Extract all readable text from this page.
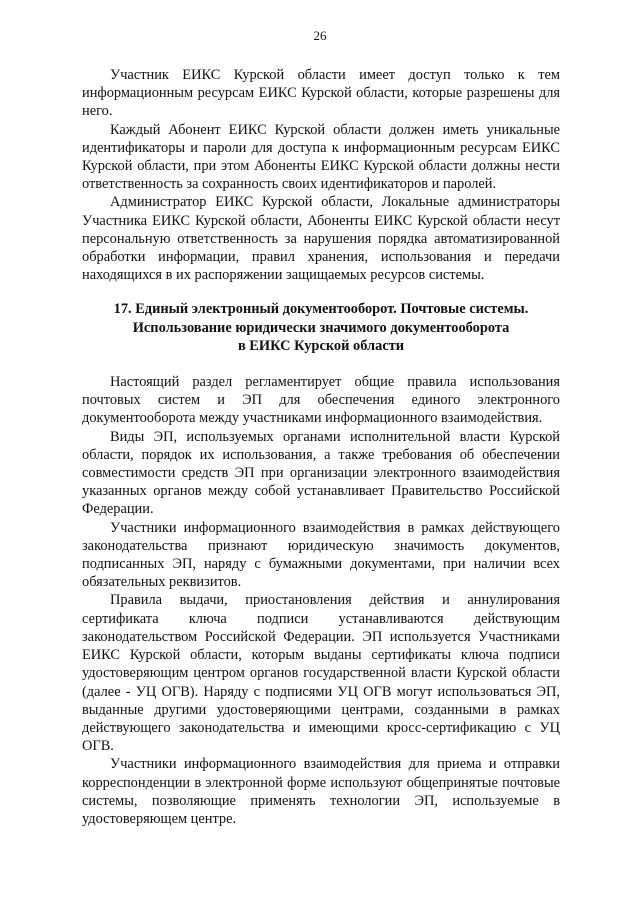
26

Участник ЕИКС Курской области имеет доступ только к тем информационным ресурсам ЕИКС Курской области, которые разрешены для него.

Каждый Абонент ЕИКС Курской области должен иметь уникальные идентификаторы и пароли для доступа к информационным ресурсам ЕИКС Курской области, при этом Абоненты ЕИКС Курской области должны нести ответственность за сохранность своих идентификаторов и паролей.

Администратор ЕИКС Курской области, Локальные администраторы Участника ЕИКС Курской области, Абоненты ЕИКС Курской области несут персональную ответственность за нарушения порядка автоматизированной обработки информации, правил хранения, использования и передачи находящихся в их распоряжении защищаемых ресурсов системы.

17. Единый электронный документооборот. Почтовые системы.
Использование юридически значимого документооборота
в ЕИКС Курской области

Настоящий раздел регламентирует общие правила использования почтовых систем и ЭП для обеспечения единого электронного документооборота между участниками информационного взаимодействия.

Виды ЭП, используемых органами исполнительной власти Курской области, порядок их использования, а также требования об обеспечении совместимости средств ЭП при организации электронного взаимодействия указанных органов между собой устанавливает Правительство Российской Федерации.

Участники информационного взаимодействия в рамках действующего законодательства признают юридическую значимость документов, подписанных ЭП, наряду с бумажными документами, при наличии всех обязательных реквизитов.

Правила выдачи, приостановления действия и аннулирования сертификата ключа подписи устанавливаются действующим законодательством Российской Федерации. ЭП используется Участниками ЕИКС Курской области, которым выданы сертификаты ключа подписи удостоверяющим центром органов государственной власти Курской области (далее - УЦ ОГВ). Наряду с подписями УЦ ОГВ могут использоваться ЭП, выданные другими удостоверяющими центрами, созданными в рамках действующего законодательства и имеющими кросс-сертификацию с УЦ ОГВ.

Участники информационного взаимодействия для приема и отправки корреспонденции в электронной форме используют общепринятые почтовые системы, позволяющие применять технологии ЭП, используемые в удостоверяющем центре.
